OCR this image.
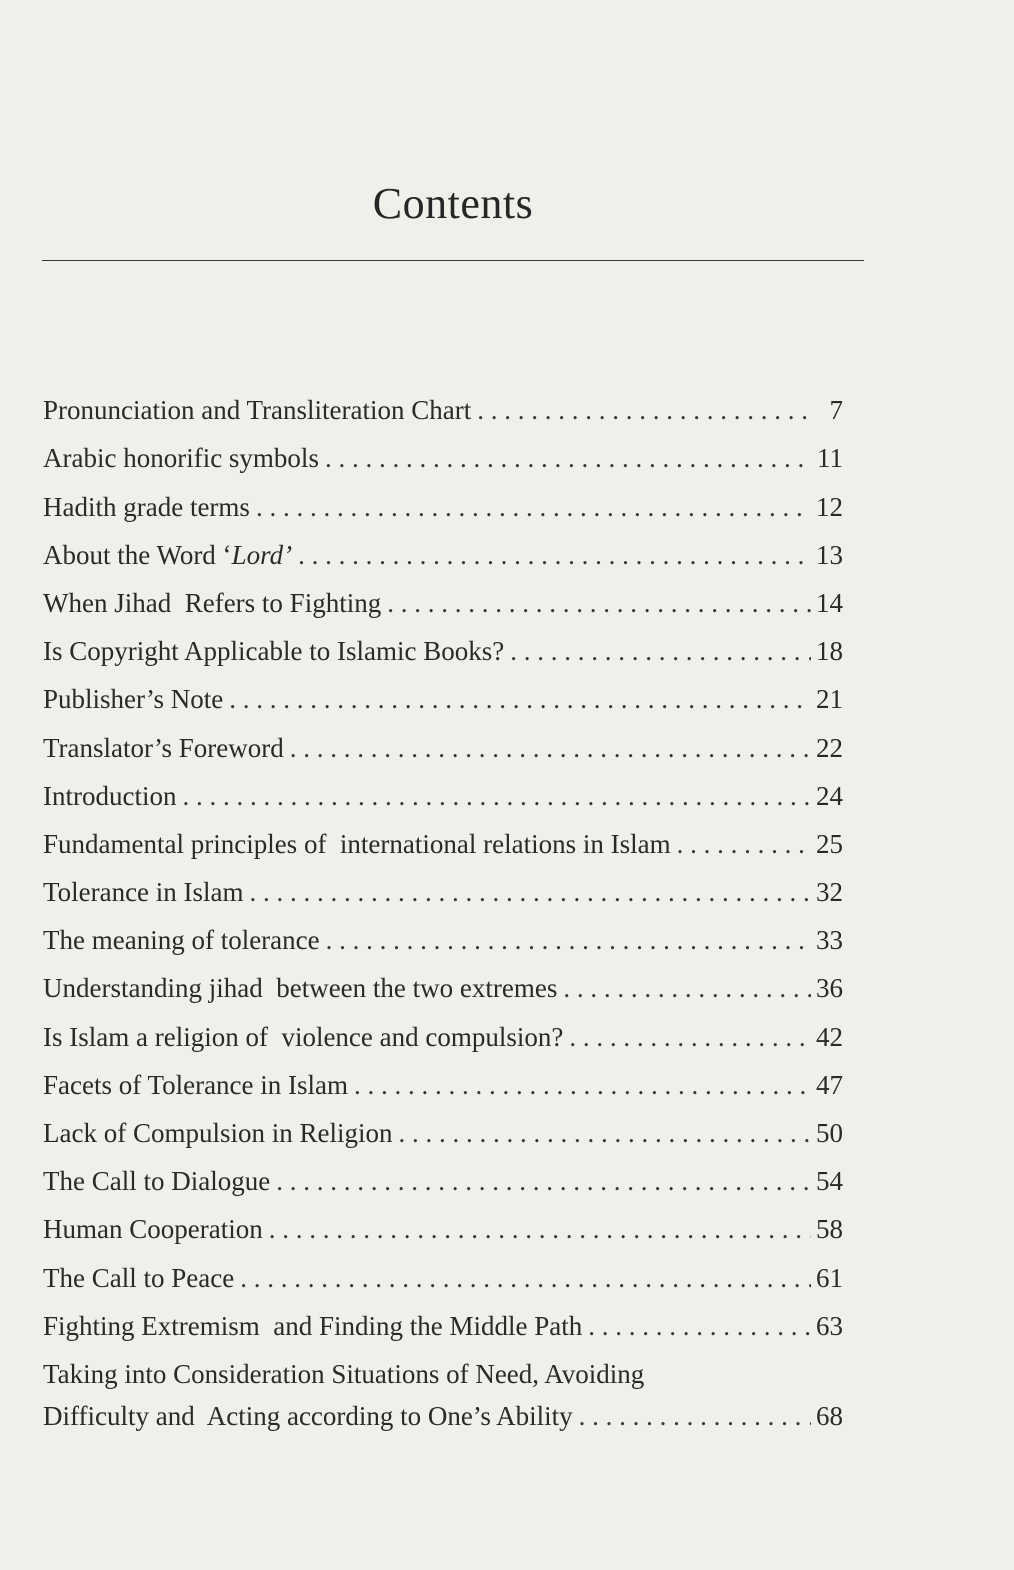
Contents
Pronunciation and Transliteration Chart . . .	7
Arabic honorific symbols . . .	11
Hadith grade terms . . .	12
About the Word ‘Lord’ . . .	13
When Jihad  Refers to Fighting . . .	14
Is Copyright Applicable to Islamic Books? . . .	18
Publisher’s Note . . .	21
Translator’s Foreword . . .	22
Introduction . . .	24
Fundamental principles of  international relations in Islam . . .	25
Tolerance in Islam . . .	32
The meaning of tolerance . . .	33
Understanding jihad  between the two extremes . . .	36
Is Islam a religion of  violence and compulsion? . . .	42
Facets of Tolerance in Islam . . .	47
Lack of Compulsion in Religion . . .	50
The Call to Dialogue . . .	54
Human Cooperation . . .	58
The Call to Peace . . .	61
Fighting Extremism  and Finding the Middle Path . . .	63
Taking into Consideration Situations of Need, Avoiding
Difficulty and  Acting according to One’s Ability . . .	68
